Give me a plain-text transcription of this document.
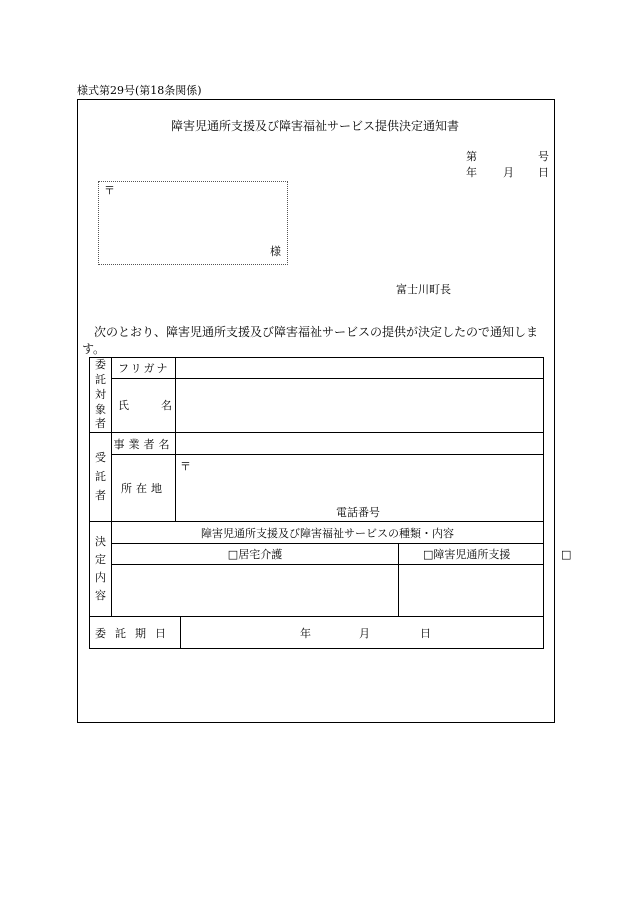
様式第29号(第18条関係)
障害児通所支援及び障害福祉サービス提供決定通知書
第	号
年 月 日
〒
様
富士川町長
次のとおり、障害児通所支援及び障害福祉サービスの提供が決定したので通知しま
す。
委
託
対
象
者	フリガナ				
	氏 名				

受
託
者	事業者名				
	所在地	〒
電話番号			

決
定
内
容	障害児通所支援及び障害福祉サービスの種類・内容				
	□居宅介護			□障害児通所支援	□

委託期日			年 月 日		
